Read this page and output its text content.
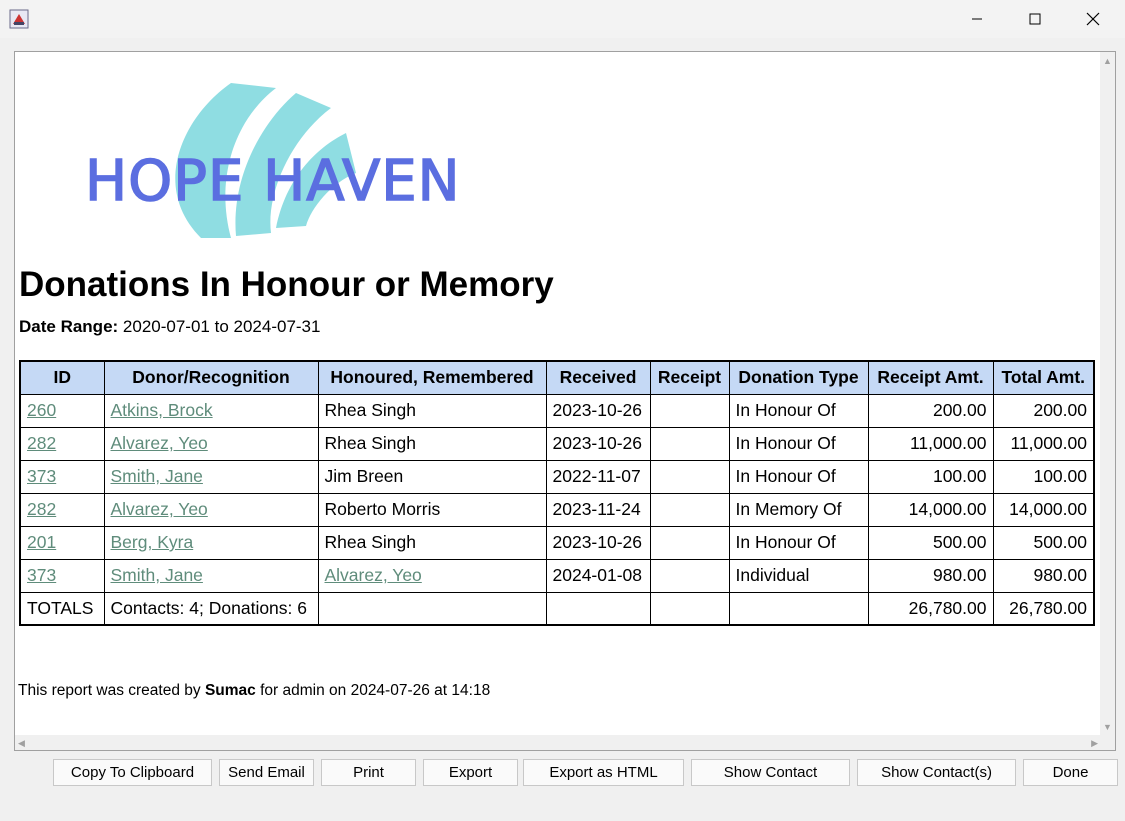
HOPE HAVEN
Donations In Honour or Memory
Date Range: 2020-07-01 to 2024-07-31
ID	Donor/Recognition	Honoured, Remembered	Received	Receipt	Donation Type	Receipt Amt.	Total Amt.
260	Atkins, Brock	Rhea Singh	2023-10-26		In Honour Of	200.00	200.00
282	Alvarez, Yeo	Rhea Singh	2023-10-26		In Honour Of	11,000.00	11,000.00
373	Smith, Jane	Jim Breen	2022-11-07		In Honour Of	100.00	100.00
282	Alvarez, Yeo	Roberto Morris	2023-11-24		In Memory Of	14,000.00	14,000.00
201	Berg, Kyra	Rhea Singh	2023-10-26		In Honour Of	500.00	500.00
373	Smith, Jane	Alvarez, Yeo	2024-01-08		Individual	980.00	980.00
TOTALS	Contacts: 4; Donations: 6					26,780.00	26,780.00
This report was created by Sumac for admin on 2024-07-26 at 14:18
▲
▼
◀	▶
Copy To Clipboard	Send Email	Print	Export	Export as HTML	Show Contact	Show Contact(s)	Done
